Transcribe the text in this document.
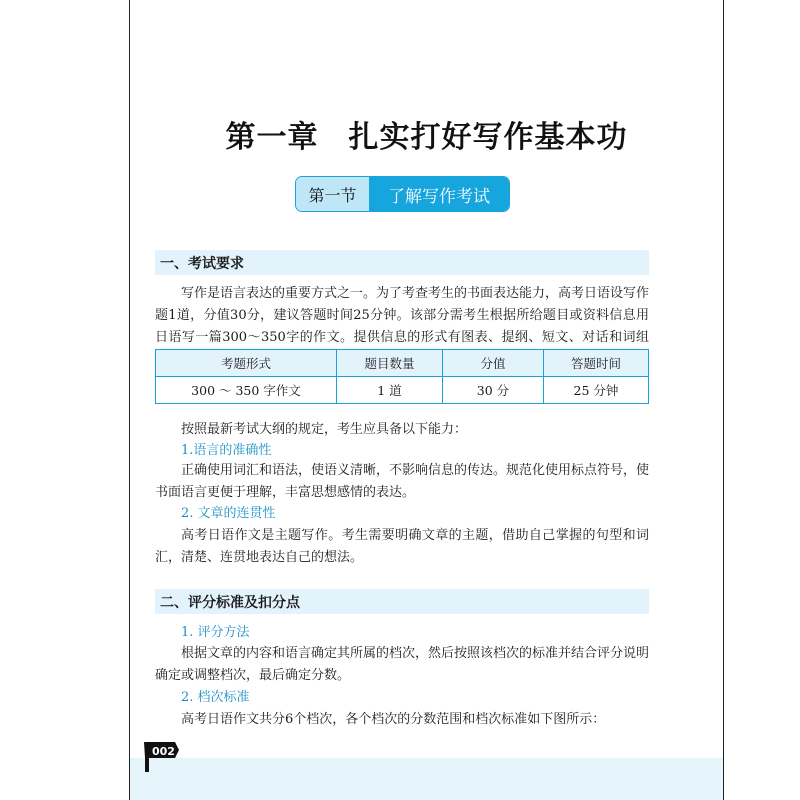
第一章 扎实打好写作基本功
第一节	了解写作考试
一、考试要求
写作是语言表达的重要方式之一。为了考查考生的书面表达能力，高考日语设写作题1道，分值30分，建议答题时间25分钟。该部分需考生根据所给题目或资料信息用日语写一篇300～350字的作文。提供信息的形式有图表、提纲、短文、对话和词组
考题形式	题目数量	分值	答题时间
300 ～ 350 字作文	1 道	30 分	25 分钟
按照最新考试大纲的规定，考生应具备以下能力：
1.语言的准确性
正确使用词汇和语法，使语义清晰，不影响信息的传达。规范化使用标点符号，使书面语言更便于理解，丰富思想感情的表达。
2. 文章的连贯性
高考日语作文是主题写作。考生需要明确文章的主题，借助自己掌握的句型和词汇，清楚、连贯地表达自己的想法。
二、评分标准及扣分点
1. 评分方法
根据文章的内容和语言确定其所属的档次，然后按照该档次的标准并结合评分说明确定或调整档次，最后确定分数。
2. 档次标准
高考日语作文共分6个档次，各个档次的分数范围和档次标准如下图所示：
002
